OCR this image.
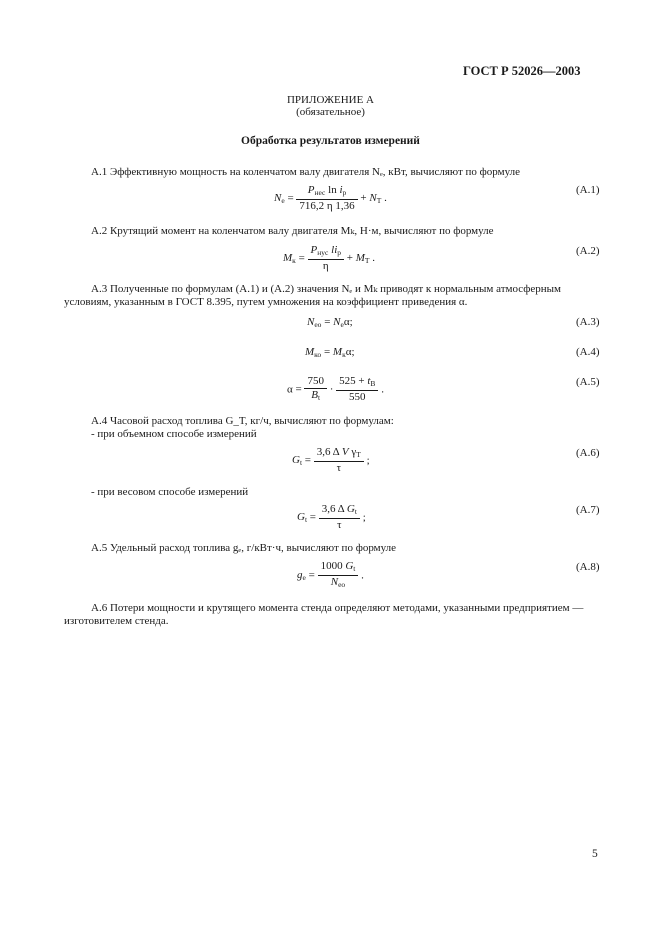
ГОСТ Р 52026—2003
ПРИЛОЖЕНИЕ А
(обязательное)
Обработка результатов измерений
А.1 Эффективную мощность на коленчатом валу двигателя Nₑ, кВт, вычисляют по формуле
$N_e = \frac{P_{нес} \ln i_р}{716,2 \eta 1,36} + N_T$ .
(А.1)
А.2 Крутящий момент на коленчатом валу двигателя Mₖ, Н·м, вычисляют по формуле
$M_к = \frac{P_{нус} li_р}{\eta} + M_T$ .
(А.2)
А.3 Полученные по формулам (А.1) и (А.2) значения Nₑ и Mₖ приводят к нормальным атмосферным
условиям, указанным в ГОСТ 8.395, путем умножения на коэффициент приведения α.
$N_{eo} = N_e\alpha$;	(А.3)
$M_{ко} = M_к\alpha$;	(А.4)
$\alpha = \frac{750}{B_t} \cdot \frac{525 + t_B}{550}$ .
(А.5)
А.4 Часовой расход топлива G_T, кг/ч, вычисляют по формулам:
- при объемном способе измерений
$G_t = \frac{3,6 \Delta V \gamma_T}{\tau}$ ;
(А.6)
- при весовом способе измерений
$G_t = \frac{3,6 \Delta G_t}{\tau}$ ;
(А.7)
А.5 Удельный расход топлива gₑ, г/кВт·ч, вычисляют по формуле
$g_e = \frac{1000 G_t}{N_{eo}}$ .
(А.8)
А.6 Потери мощности и крутящего момента стенда определяют методами, указанными предприятием —
изготовителем стенда.
5
